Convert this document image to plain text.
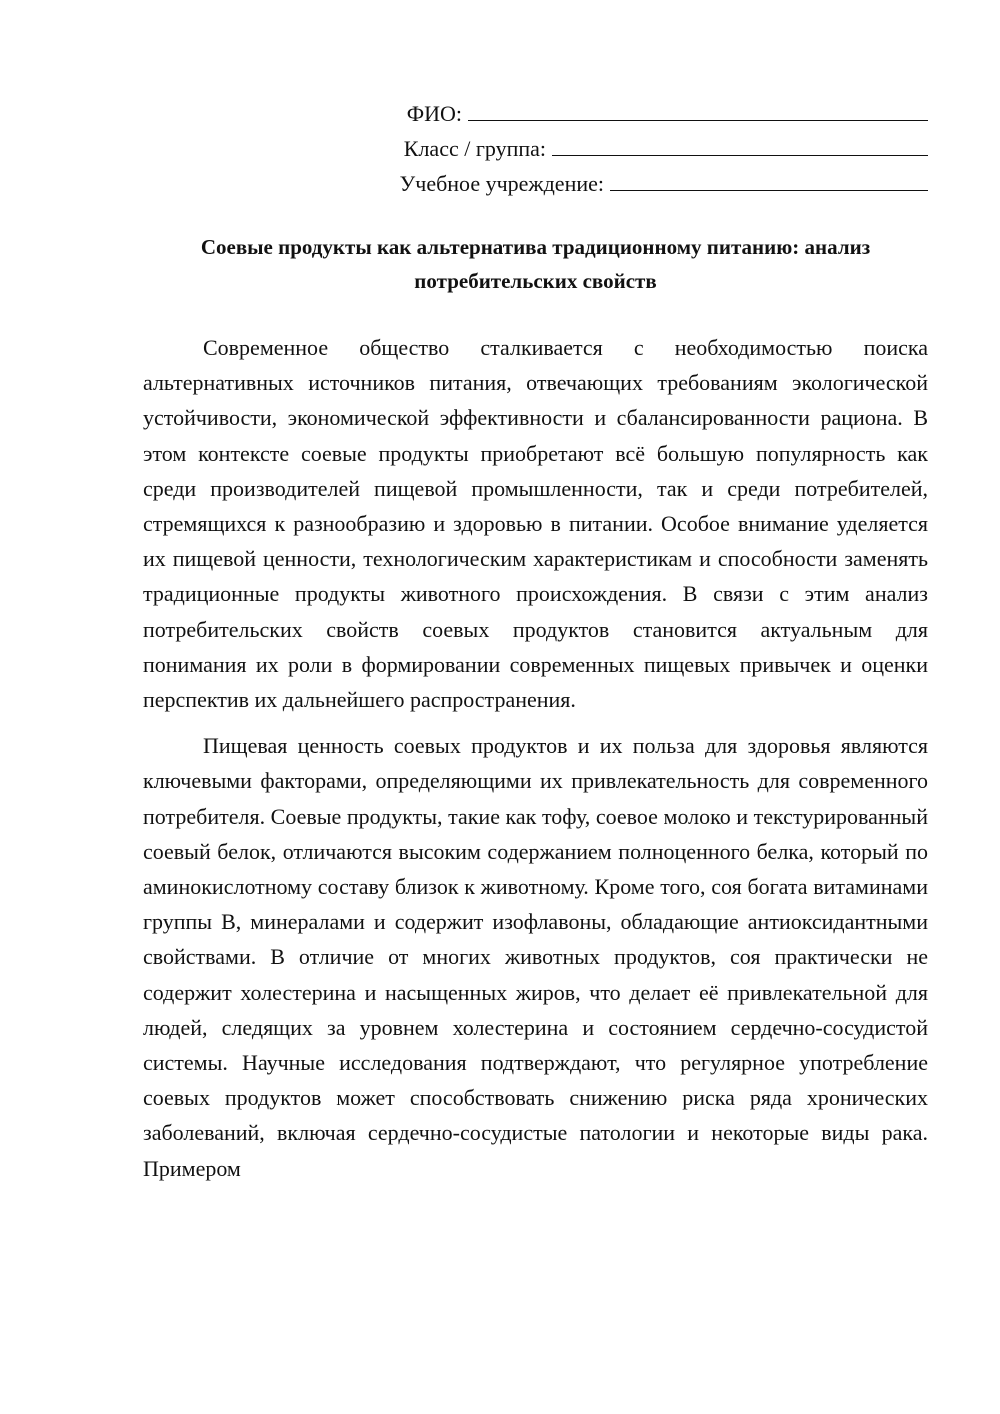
ФИО:
Класс / группа:
Учебное учреждение:
Соевые продукты как альтернатива традиционному питанию: анализ потребительских свойств

Современное общество сталкивается с необходимостью поиска альтернативных источников питания, отвечающих требованиям экологической устойчивости, экономической эффективности и сбалансированности рациона. В этом контексте соевые продукты приобретают всё большую популярность как среди производителей пищевой промышленности, так и среди потребителей, стремящихся к разнообразию и здоровью в питании. Особое внимание уделяется их пищевой ценности, технологическим характеристикам и способности заменять традиционные продукты животного происхождения. В связи с этим анализ потребительских свойств соевых продуктов становится актуальным для понимания их роли в формировании современных пищевых привычек и оценки перспектив их дальнейшего распространения.

Пищевая ценность соевых продуктов и их польза для здоровья являются ключевыми факторами, определяющими их привлекательность для современного потребителя. Соевые продукты, такие как тофу, соевое молоко и текстурированный соевый белок, отличаются высоким содержанием полноценного белка, который по аминокислотному составу близок к животному. Кроме того, соя богата витаминами группы B, минералами и содержит изофлавоны, обладающие антиоксидантными свойствами. В отличие от многих животных продуктов, соя практически не содержит холестерина и насыщенных жиров, что делает её привлекательной для людей, следящих за уровнем холестерина и состоянием сердечно-сосудистой системы. Научные исследования подтверждают, что регулярное употребление соевых продуктов может способствовать снижению риска ряда хронических заболеваний, включая сердечно-сосудистые патологии и некоторые виды рака. Примером
